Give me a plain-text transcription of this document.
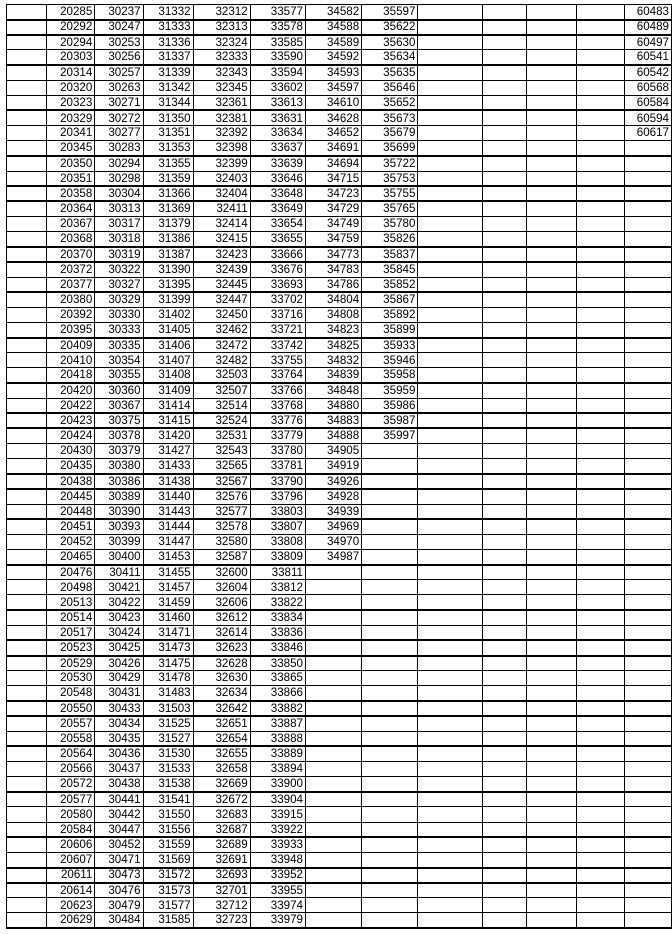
	20285	30237	31332	32312	33577	34582	35597					60483
	20292	30247	31333	32313	33578	34588	35622					60489
	20294	30253	31336	32324	33585	34589	35630					60497
	20303	30256	31337	32333	33590	34592	35634					60541
	20314	30257	31339	32343	33594	34593	35635					60542
	20320	30263	31342	32345	33602	34597	35646					60568
	20323	30271	31344	32361	33613	34610	35652					60584
	20329	30272	31350	32381	33631	34628	35673					60594
	20341	30277	31351	32392	33634	34652	35679					60617
	20345	30283	31353	32398	33637	34691	35699					
	20350	30294	31355	32399	33639	34694	35722					
	20351	30298	31359	32403	33646	34715	35753					
	20358	30304	31366	32404	33648	34723	35755					
	20364	30313	31369	32411	33649	34729	35765					
	20367	30317	31379	32414	33654	34749	35780					
	20368	30318	31386	32415	33655	34759	35826					
	20370	30319	31387	32423	33666	34773	35837					
	20372	30322	31390	32439	33676	34783	35845					
	20377	30327	31395	32445	33693	34786	35852					
	20380	30329	31399	32447	33702	34804	35867					
	20392	30330	31402	32450	33716	34808	35892					
	20395	30333	31405	32462	33721	34823	35899					
	20409	30335	31406	32472	33742	34825	35933					
	20410	30354	31407	32482	33755	34832	35946					
	20418	30355	31408	32503	33764	34839	35958					
	20420	30360	31409	32507	33766	34848	35959					
	20422	30367	31414	32514	33768	34880	35986					
	20423	30375	31415	32524	33776	34883	35987					
	20424	30378	31420	32531	33779	34888	35997					
	20430	30379	31427	32543	33780	34905						
	20435	30380	31433	32565	33781	34919						
	20438	30386	31438	32567	33790	34926						
	20445	30389	31440	32576	33796	34928						
	20448	30390	31443	32577	33803	34939						
	20451	30393	31444	32578	33807	34969						
	20452	30399	31447	32580	33808	34970						
	20465	30400	31453	32587	33809	34987						
	20476	30411	31455	32600	33811							
	20498	30421	31457	32604	33812							
	20513	30422	31459	32606	33822							
	20514	30423	31460	32612	33834							
	20517	30424	31471	32614	33836							
	20523	30425	31473	32623	33846							
	20529	30426	31475	32628	33850							
	20530	30429	31478	32630	33865							
	20548	30431	31483	32634	33866							
	20550	30433	31503	32642	33882							
	20557	30434	31525	32651	33887							
	20558	30435	31527	32654	33888							
	20564	30436	31530	32655	33889							
	20566	30437	31533	32658	33894							
	20572	30438	31538	32669	33900							
	20577	30441	31541	32672	33904							
	20580	30442	31550	32683	33915							
	20584	30447	31556	32687	33922							
	20606	30452	31559	32689	33933							
	20607	30471	31569	32691	33948							
	20611	30473	31572	32693	33952							
	20614	30476	31573	32701	33955							
	20623	30479	31577	32712	33974							
	20629	30484	31585	32723	33979							
